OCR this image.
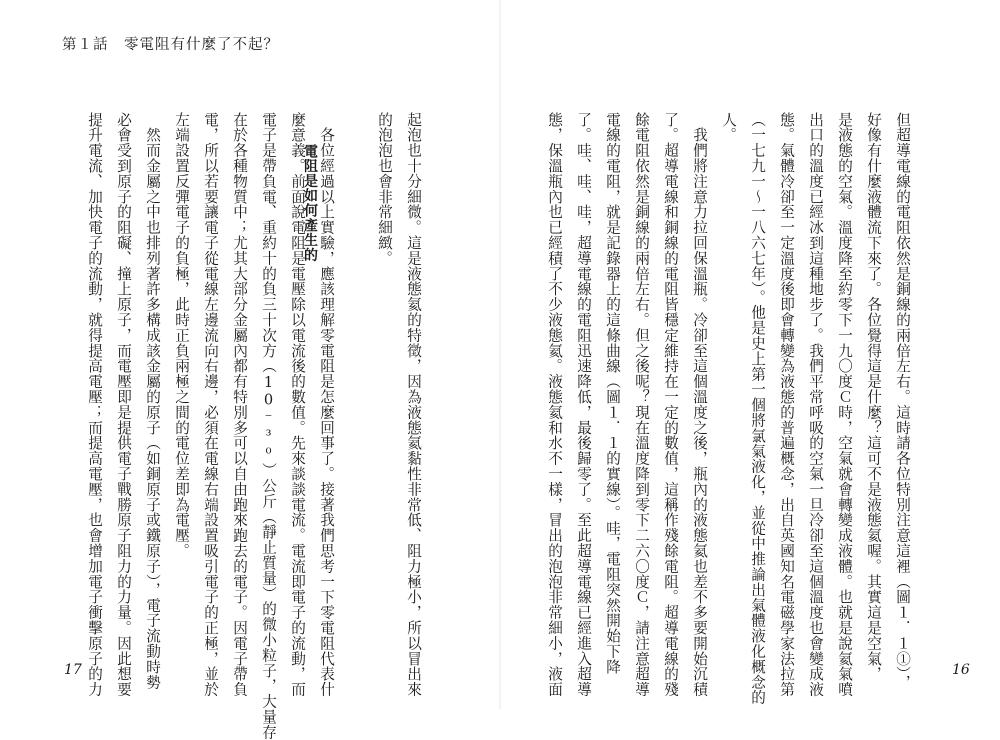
第１話　零電阻有什麼了不起？
提升電流、加快電子的流動，就得提高電壓；而提高電壓，也會增加電子衝擊原子的力 必會受到原子的阻礙、撞上原子，而電壓即是提供電子戰勝原子阻力的力量。因此想要 　然而金屬之中也排列著許多構成該金屬的原子（如銅原子或鐵原子），電子流動時勢 左端設置反彈電子的負極，此時正負兩極之間的電位差即為電壓。 電，所以若要讓電子從電線左邊流向右邊，必須在電線右端設置吸引電子的正極，並於 在於各種物質中；尤其大部分金屬內都有特別多可以自由跑來跑去的電子。因電子帶負 電子是帶負電、重約十的負三十次方（10⁻³⁰）公斤（靜止質量）的微小粒子，大量存 麼意義。前面說電阻是電壓除以電流後的數值。先來談談電流。電流即電子的流動，而 　各位經過以上實驗，應該理解零電阻是怎麼回事了。接著我們思考一下零電阻代表什
電阻是如何產生的	的泡泡也會非常細緻。 起泡也十分細微。這是液態氦的特徵，因為液態氦黏性非常低、阻力極小，所以冒出來
17	但超導電線的電阻依然是銅線的兩倍左右。這時請各位特別注意這裡（圖１．１①），
好像有什麼液體流下來了。各位覺得這是什麼？這可不是液態氦喔。其實這是空氣，
是液態的空氣。溫度降至約零下一九〇度Ｃ時，空氣就會轉變成液體。也就是說氦氣噴
出口的溫度已經冰到這種地步了。我們平常呼吸的空氣一旦冷卻至這個溫度也會變成液
態。氣體冷卻至一定溫度後即會轉變為液態的普遍概念，出自英國知名電磁學家法拉第
（一七九一〜一八六七年）。他是史上第一個將氯氣液化，並從中推論出氣體液化概念的
人。
　我們將注意力拉回保溫瓶。冷卻至這個溫度之後，瓶內的液態氦也差不多要開始沉積
了。超導電線和銅線的電阻皆穩定維持在一定的數值，這稱作殘餘電阻。超導電線的殘
餘電阻依然是銅線的兩倍左右。但之後呢？現在溫度降到零下二六〇度Ｃ，請注意超導
電線的電阻，就是記錄器上的這條曲線（圖１．１的實線）。哇，電阻突然開始下降
了。哇、哇、哇，超導電線的電阻迅速降低，最後歸零了。至此超導電線已經進入超導
態，保溫瓶內也已經積了不少液態氦。液態氦和水不一樣，冒出的泡泡非常細小，液面	16
